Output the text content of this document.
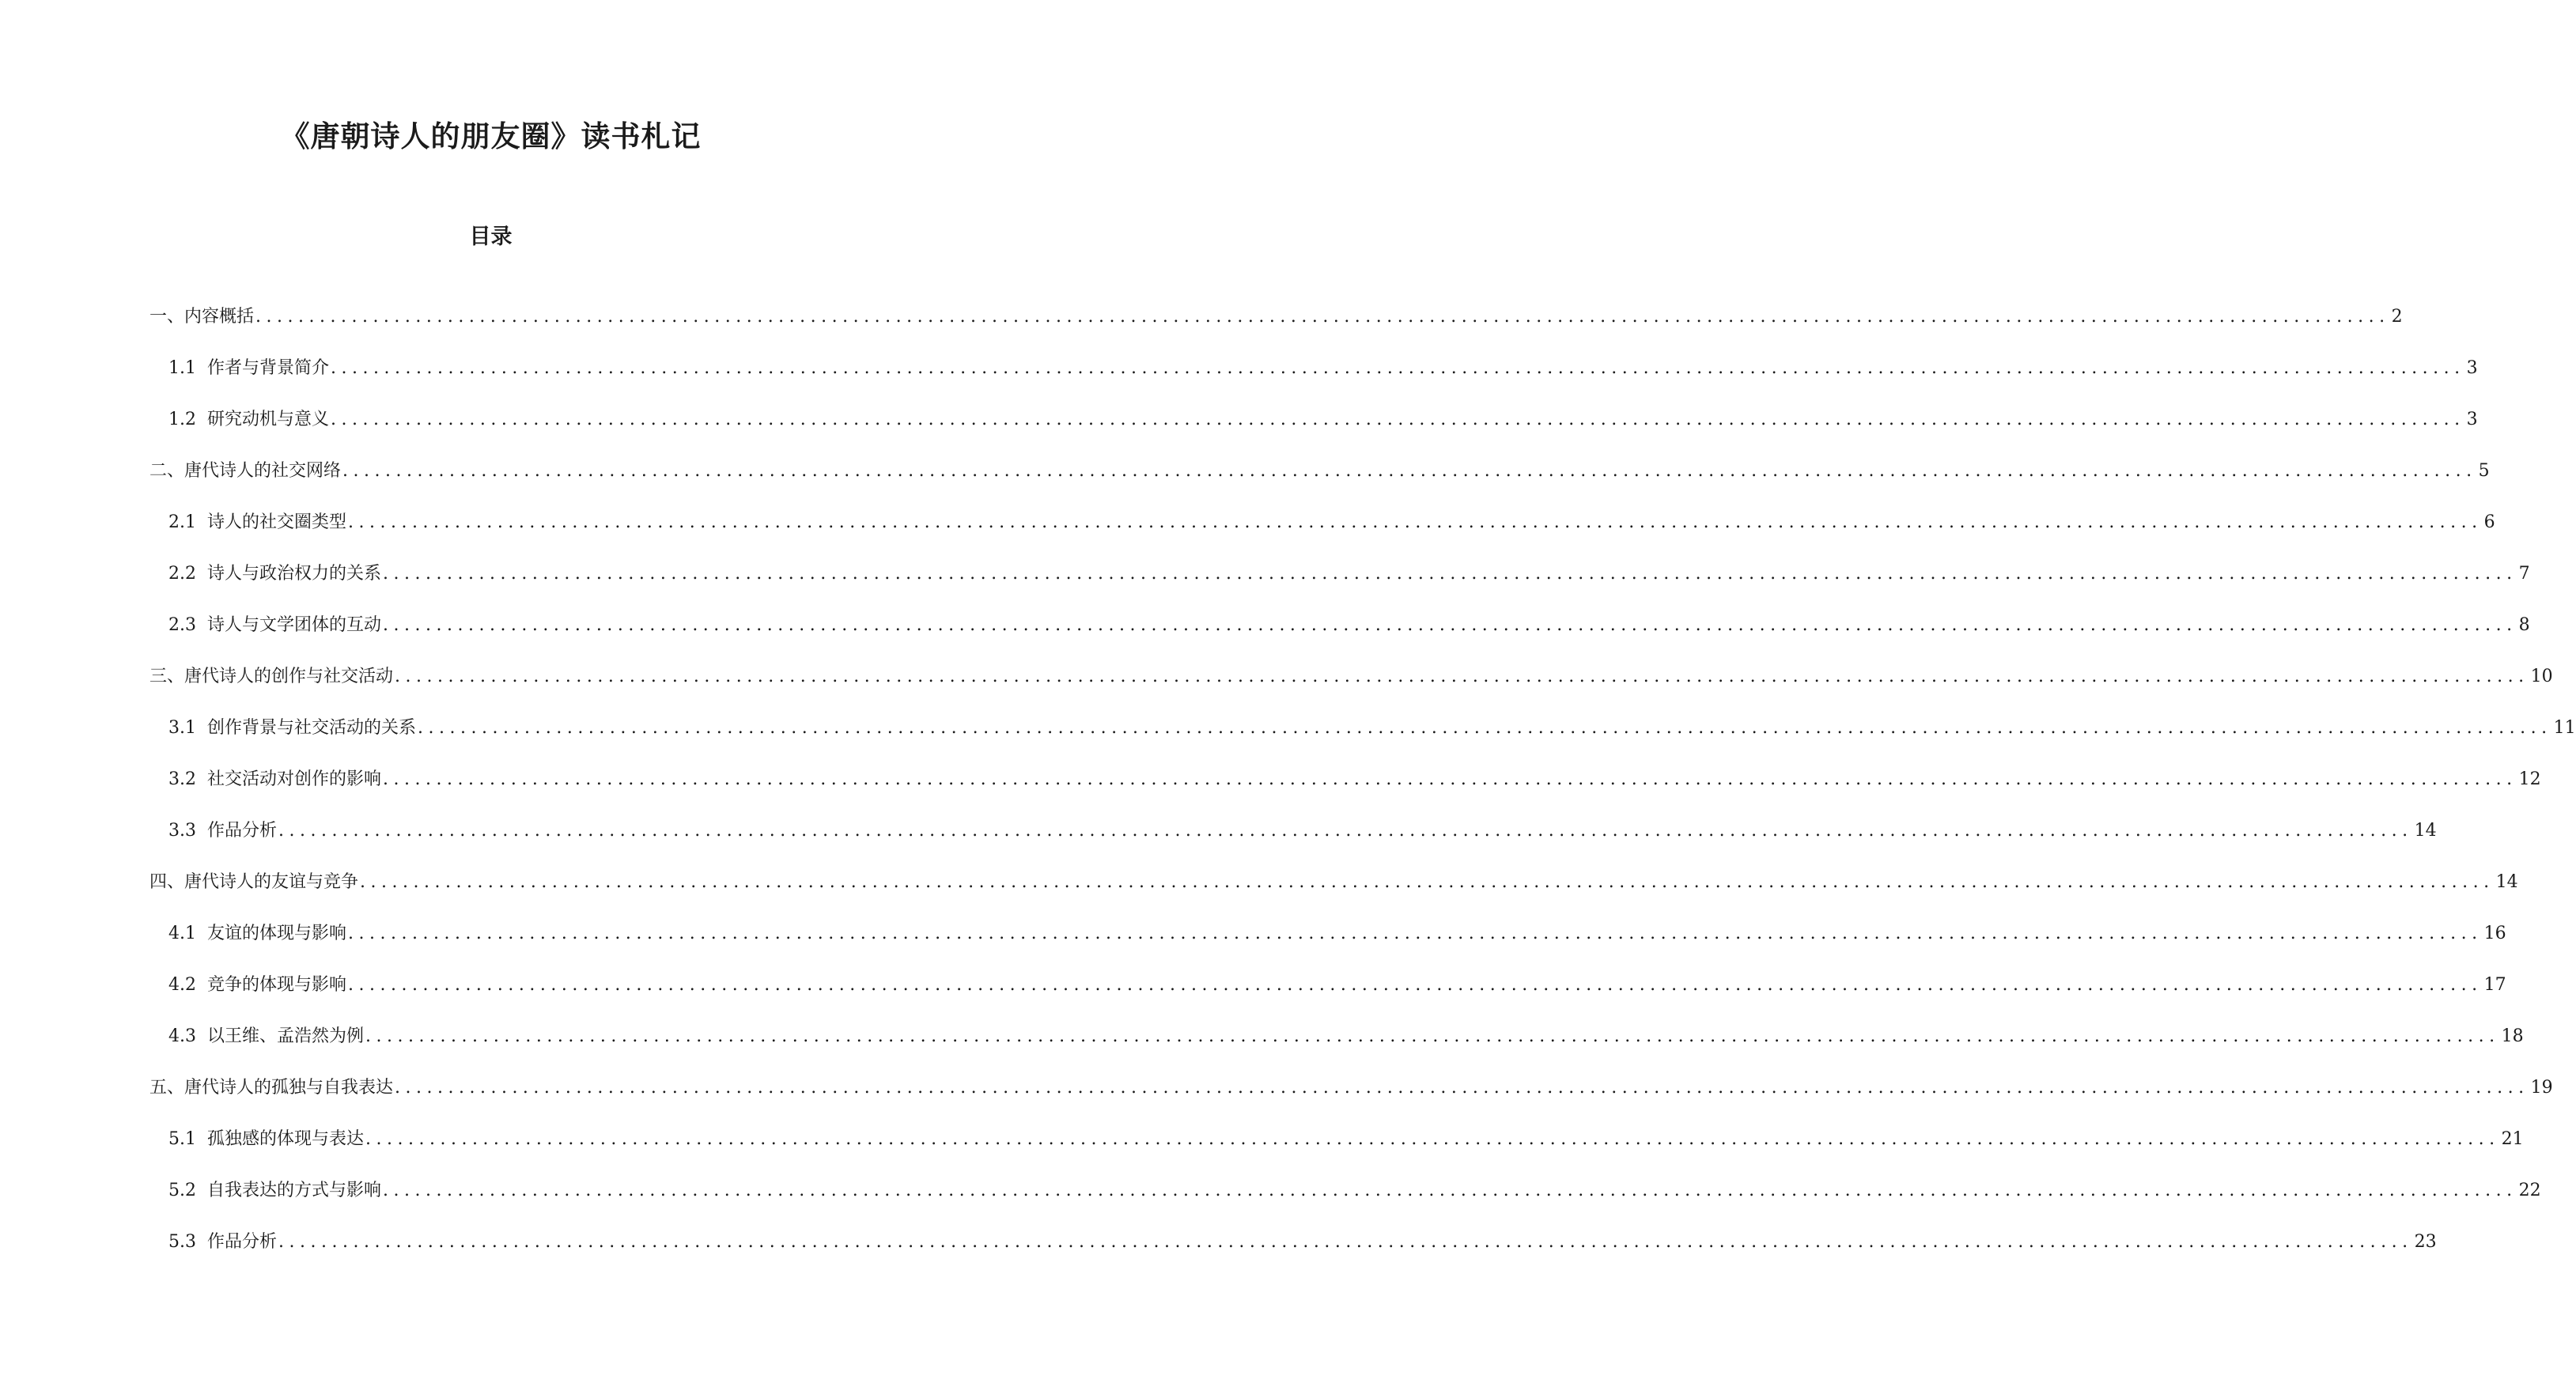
《唐朝诗人的朋友圈》读书札记
目录
一、内容概括 ........................................................................................................................................................................................................ 2
1.1 作者与背景简介 ........................................................................................................................................................................................................ 3
1.2 研究动机与意义 ........................................................................................................................................................................................................ 3
二、唐代诗人的社交网络 ........................................................................................................................................................................................................ 5
2.1 诗人的社交圈类型 ........................................................................................................................................................................................................ 6
2.2 诗人与政治权力的关系 ........................................................................................................................................................................................................ 7
2.3 诗人与文学团体的互动 ........................................................................................................................................................................................................ 8
三、唐代诗人的创作与社交活动 ........................................................................................................................................................................................................ 10
3.1 创作背景与社交活动的关系 ........................................................................................................................................................................................................ 11
3.2 社交活动对创作的影响 ........................................................................................................................................................................................................ 12
3.3 作品分析 ........................................................................................................................................................................................................ 14
四、唐代诗人的友谊与竞争 ........................................................................................................................................................................................................ 14
4.1 友谊的体现与影响 ........................................................................................................................................................................................................ 16
4.2 竞争的体现与影响 ........................................................................................................................................................................................................ 17
4.3 以王维、孟浩然为例 ........................................................................................................................................................................................................ 18
五、唐代诗人的孤独与自我表达 ........................................................................................................................................................................................................ 19
5.1 孤独感的体现与表达 ........................................................................................................................................................................................................ 21
5.2 自我表达的方式与影响 ........................................................................................................................................................................................................ 22
5.3 作品分析 ........................................................................................................................................................................................................ 23
